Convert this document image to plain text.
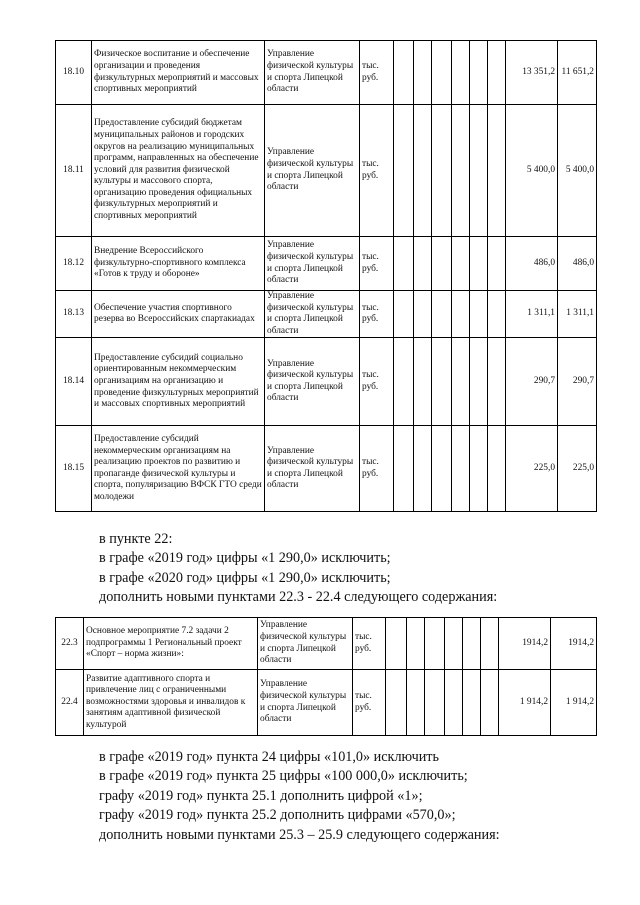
18.10	Физическое воспитание и обеспечение организации и проведения физкультурных мероприятий и массовых спортивных мероприятий	Управление физической культуры и спорта Липецкой области	тыс. руб.							13 351,2	11 651,2
18.11	Предоставление субсидий бюджетам муниципальных районов и городских округов на реализацию муниципальных программ, направленных на обеспечение условий для развития физической культуры и массового спорта, организацию проведения официальных физкультурных мероприятий и спортивных мероприятий	Управление физической культуры и спорта Липецкой области	тыс. руб.							5 400,0	5 400,0
18.12	Внедрение Всероссийского физкультурно-спортивного комплекса «Готов к труду и обороне»	Управление физической культуры и спорта Липецкой области	тыс. руб.							486,0	486,0
18.13	Обеспечение участия спортивного резерва во Всероссийских спартакиадах	Управление физической культуры и спорта Липецкой области	тыс. руб.							1 311,1	1 311,1
18.14	Предоставление субсидий социально ориентированным некоммерческим организациям на организацию и проведение физкультурных мероприятий и массовых спортивных мероприятий	Управление физической культуры и спорта Липецкой области	тыс. руб.							290,7	290,7
18.15	Предоставление субсидий некоммерческим организациям на реализацию проектов по развитию и пропаганде физической культуры и спорта, популяризацию ВФСК ГТО среди молодежи	Управление физической культуры и спорта Липецкой области	тыс. руб.							225,0	225,0
в пункте 22:
в графе «2019 год» цифры «1 290,0» исключить;
в графе «2020 год» цифры «1 290,0» исключить;
дополнить новыми пунктами 22.3 - 22.4 следующего содержания:
22.3	Основное мероприятие 7.2 задачи 2 подпрограммы 1 Региональный проект «Спорт – норма жизни»:	Управление физической культуры и спорта Липецкой области	тыс. руб.							1914,2	1914,2
22.4	Развитие адаптивного спорта и привлечение лиц с ограниченными возможностями здоровья и инвалидов к занятиям адаптивной физической культурой	Управление физической культуры и спорта Липецкой области	тыс. руб.							1 914,2	1 914,2
в графе «2019 год» пункта 24 цифры «101,0» исключить
в графе «2019 год» пункта 25 цифры «100 000,0» исключить;
графу «2019 год» пункта 25.1 дополнить цифрой «1»;
графу «2019 год» пункта 25.2 дополнить цифрами «570,0»;
дополнить новыми пунктами 25.3 – 25.9 следующего содержания:
